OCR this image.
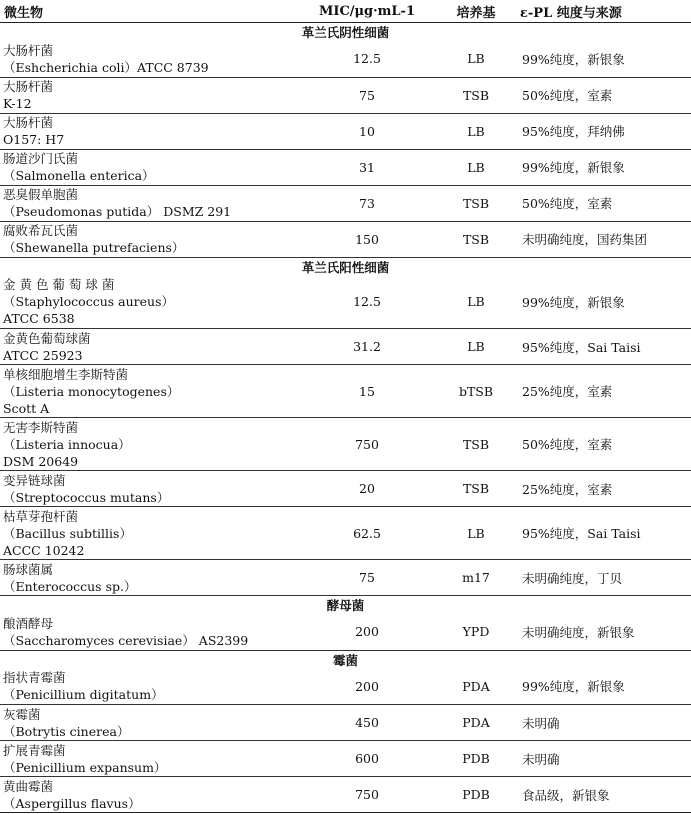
微生物	MIC/μg·mL-1	培养基	ε-PL 纯度与来源
革兰氏阴性细菌			

大肠杆菌
（Eshcherichia coli）ATCC 8739	12.5	LB	99%纯度，新银象

大肠杆菌
K-12	75	TSB	50%纯度，室素

大肠杆菌
O157: H7	10	LB	95%纯度，拜纳佛

肠道沙门氏菌
（Salmonella enterica）	31	LB	99%纯度，新银象

恶臭假单胞菌
（Pseudomonas putida） DSMZ 291	73	TSB	50%纯度，室素

腐败希瓦氏菌
（Shewanella putrefaciens）	150	TSB	未明确纯度，国药集团
革兰氏阳性细菌			

金 黄 色 葡 萄 球 菌
（Staphylococcus aureus）
ATCC 6538	12.5	LB	99%纯度，新银象

金黄色葡萄球菌
ATCC 25923	31.2	LB	95%纯度，Sai Taisi

单核细胞增生李斯特菌
（Listeria monocytogenes）
Scott A	15	bTSB	25%纯度，室素

无害李斯特菌
（Listeria innocua）
DSM 20649	750	TSB	50%纯度，室素

变异链球菌
（Streptococcus mutans）	20	TSB	25%纯度，室素

枯草芽孢杆菌
（Bacillus subtillis）
ACCC 10242	62.5	LB	95%纯度，Sai Taisi

肠球菌属
（Enterococcus sp.）	75	m17	未明确纯度，丁贝
酵母菌			

酿酒酵母
（Saccharomyces cerevisiae） AS2399	200	YPD	未明确纯度，新银象
霉菌			

指状青霉菌
（Penicillium digitatum）	200	PDA	99%纯度，新银象

灰霉菌
（Botrytis cinerea）	450	PDA	未明确

扩展青霉菌
（Penicillium expansum）	600	PDB	未明确

黄曲霉菌
（Aspergillus flavus）	750	PDB	食品级，新银象
